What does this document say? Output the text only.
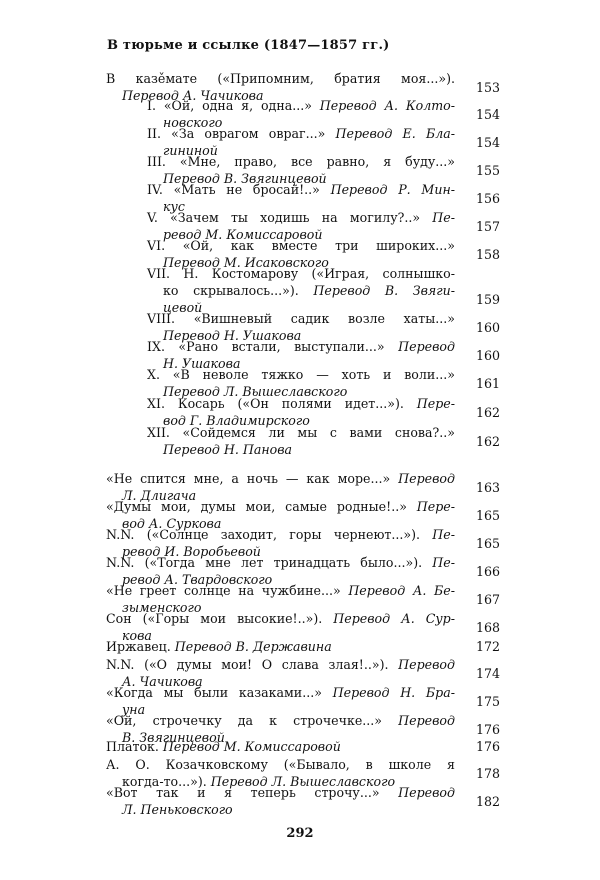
В тюрьме и ссылке (1847—1857 гг.)
В казěмате («Припомним, братия моя...»).
Перевод А. Чачикова
153
I. «Ой, одна я, одна...» Перевод А. Колто-
новского
154
II. «За оврагом овраг...» Перевод Е. Бла-
гининой
154
III. «Мне, право, все равно, я буду...»
Перевод В. Звягинцевой
155
IV. «Мать не бросай!..» Перевод Р. Мин-
кус
156
V. «Зачем ты ходишь на могилу?..» Пе-
ревод М. Комиссаровой
157
VI. «Ой, как вместе три широких...»
Перевод М. Исаковского
158
VII. Н. Костомарову («Играя, солнышко-
ко скрывалось...»). Перевод В. Звяги-
цевой
159
VIII. «Вишневый садик возле хаты...»
Перевод Н. Ушакова
160
IX. «Рано встали, выступали...» Перевод
Н. Ушакова
160
X. «В неволе тяжко — хоть и воли...»
Перевод Л. Вышеславского
161
XI. Косарь («Он полями идет...»). Пере-
вод Г. Владимирского
162
XII. «Сойдемся ли мы с вами снова?..»
Перевод Н. Панова
162
«Не спится мне, а ночь — как море...» Перевод
Л. Длигача
163
«Думы мои, думы мои, самые родные!..» Пере-
вод А. Суркова
165
N.N. («Солнце заходит, горы чернеют...»). Пе-
ревод И. Воробьевой
165
N.N. («Тогда мне лет тринадцать было...»). Пе-
ревод А. Твардовского
166
«Не греет солнце на чужбине...» Перевод А. Бе-
зыменского
167
Сон («Горы мои высокие!..»). Перевод А. Сур-
кова
168
Иржавец. Перевод В. Державина	172
N.N. («О думы мои! О слава злая!..»). Перевод
А. Чачикова
174
«Когда мы были казаками...» Перевод Н. Бра-
уна
175
«Ой, строчечку да к строчечке...» Перевод
В. Звягинцевой
176
Платок. Перевод М. Комиссаровой	176
А. О. Козачковскому («Бывало, в школе я
когда-то...»). Перевод Л. Вышеславского
178
«Вот так и я теперь строчу...» Перевод
Л. Пеньковского
182
292
